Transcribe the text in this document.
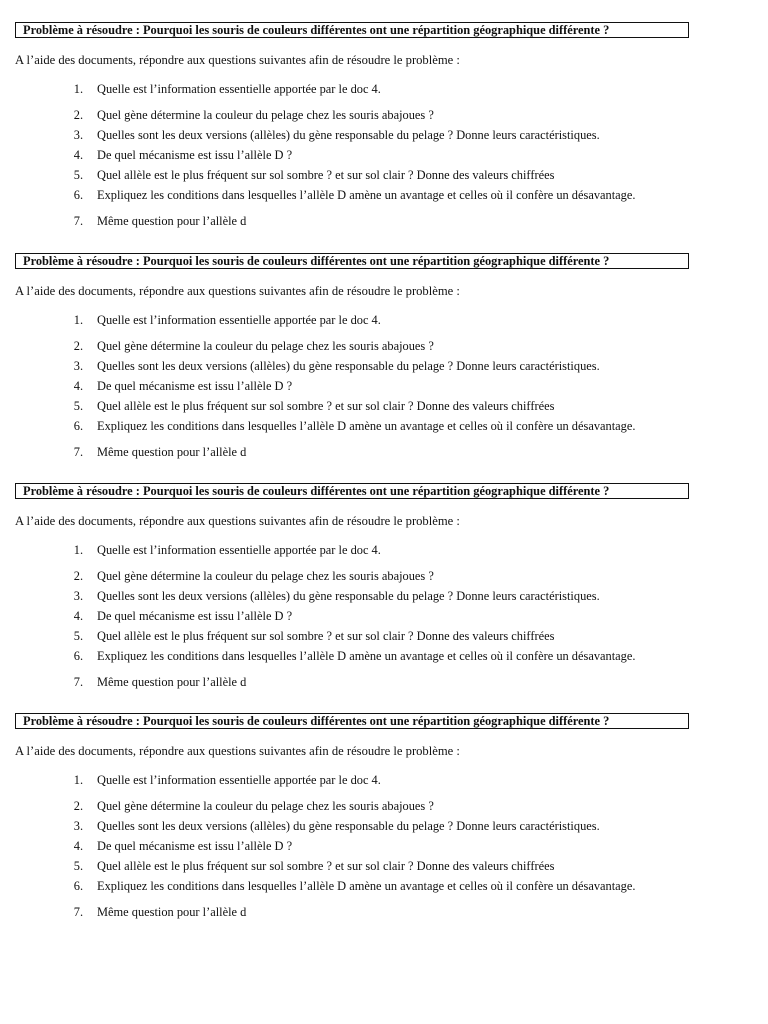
Problème à résoudre : Pourquoi les souris de couleurs différentes ont une répartition géographique différente ?
A l’aide des documents, répondre aux questions suivantes afin de résoudre le problème :
1 . Quelle est l’information essentielle apportée par le doc 4.
2 . Quel gène détermine la couleur du pelage chez les souris abajoues ?
3 . Quelles sont les deux versions (allèles) du gène responsable du pelage ? Donne leurs caractéristiques.
4 . De quel mécanisme est issu l’allèle D ?
5 . Quel allèle est le plus fréquent sur sol sombre ? et sur sol clair ? Donne des valeurs chiffrées
6 . Expliquez les conditions dans lesquelles l’allèle D amène un avantage et celles où il confère un désavantage.
7 . Même question pour l’allèle d
Problème à résoudre : Pourquoi les souris de couleurs différentes ont une répartition géographique différente ?
A l’aide des documents, répondre aux questions suivantes afin de résoudre le problème :
1 . Quelle est l’information essentielle apportée par le doc 4.
2 . Quel gène détermine la couleur du pelage chez les souris abajoues ?
3 . Quelles sont les deux versions (allèles) du gène responsable du pelage ? Donne leurs caractéristiques.
4 . De quel mécanisme est issu l’allèle D ?
5 . Quel allèle est le plus fréquent sur sol sombre ? et sur sol clair ? Donne des valeurs chiffrées
6 . Expliquez les conditions dans lesquelles l’allèle D amène un avantage et celles où il confère un désavantage.
7 . Même question pour l’allèle d
Problème à résoudre : Pourquoi les souris de couleurs différentes ont une répartition géographique différente ?
A l’aide des documents, répondre aux questions suivantes afin de résoudre le problème :
1 . Quelle est l’information essentielle apportée par le doc 4.
2 . Quel gène détermine la couleur du pelage chez les souris abajoues ?
3 . Quelles sont les deux versions (allèles) du gène responsable du pelage ? Donne leurs caractéristiques.
4 . De quel mécanisme est issu l’allèle D ?
5 . Quel allèle est le plus fréquent sur sol sombre ? et sur sol clair ? Donne des valeurs chiffrées
6 . Expliquez les conditions dans lesquelles l’allèle D amène un avantage et celles où il confère un désavantage.
7 . Même question pour l’allèle d
Problème à résoudre : Pourquoi les souris de couleurs différentes ont une répartition géographique différente ?
A l’aide des documents, répondre aux questions suivantes afin de résoudre le problème :
1 . Quelle est l’information essentielle apportée par le doc 4.
2 . Quel gène détermine la couleur du pelage chez les souris abajoues ?
3 . Quelles sont les deux versions (allèles) du gène responsable du pelage ? Donne leurs caractéristiques.
4 . De quel mécanisme est issu l’allèle D ?
5 . Quel allèle est le plus fréquent sur sol sombre ? et sur sol clair ? Donne des valeurs chiffrées
6 . Expliquez les conditions dans lesquelles l’allèle D amène un avantage et celles où il confère un désavantage.
7 . Même question pour l’allèle d
